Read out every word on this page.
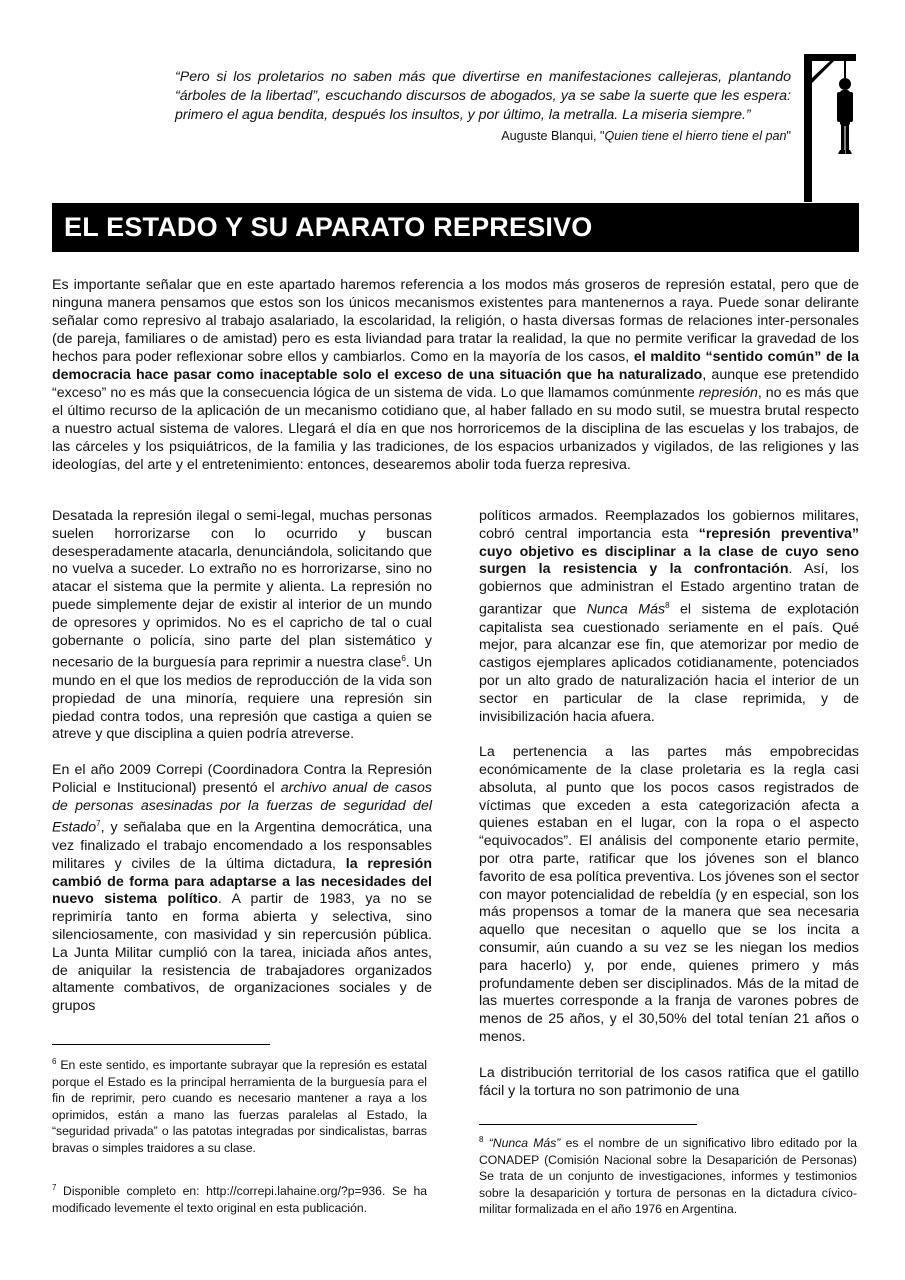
“Pero si los proletarios no saben más que divertirse en manifestaciones callejeras, plantando “árboles de la libertad”, escuchando discursos de abogados, ya se sabe la suerte que les espera: primero el agua bendita, después los insultos, y por último, la metralla. La miseria siempre.”

Auguste Blanqui, "Quien tiene el hierro tiene el pan"
EL ESTADO Y SU APARATO REPRESIVO

Es importante señalar que en este apartado haremos referencia a los modos más groseros de represión estatal, pero que de ninguna manera pensamos que estos son los únicos mecanismos existentes para mantenernos a raya. Puede sonar delirante señalar como represivo al trabajo asalariado, la escolaridad, la religión, o hasta diversas formas de relaciones inter-personales (de pareja, familiares o de amistad) pero es esta liviandad para tratar la realidad, la que no permite verificar la gravedad de los hechos para poder reflexionar sobre ellos y cambiarlos. Como en la mayoría de los casos, el maldito “sentido común” de la democracia hace pasar como inaceptable solo el exceso de una situación que ha naturalizado, aunque ese pretendido “exceso” no es más que la consecuencia lógica de un sistema de vida. Lo que llamamos comúnmente represión, no es más que el último recurso de la aplicación de un mecanismo cotidiano que, al haber fallado en su modo sutil, se muestra brutal respecto a nuestro actual sistema de valores. Llegará el día en que nos horroricemos de la disciplina de las escuelas y los trabajos, de las cárceles y los psiquiátricos, de la familia y las tradiciones, de los espacios urbanizados y vigilados, de las religiones y las ideologías, del arte y el entretenimiento: entonces, desearemos abolir toda fuerza represiva.

Desatada la represión ilegal o semi-legal, muchas personas suelen horrorizarse con lo ocurrido y buscan desesperadamente atacarla, denunciándola, solicitando que no vuelva a suceder. Lo extraño no es horrorizarse, sino no atacar el sistema que la permite y alienta. La represión no puede simplemente dejar de existir al interior de un mundo de opresores y oprimidos. No es el capricho de tal o cual gobernante o policía, sino parte del plan sistemático y necesario de la burguesía para reprimir a nuestra clase$^6$. Un mundo en el que los medios de reproducción de la vida son propiedad de una minoría, requiere una represión sin piedad contra todos, una represión que castiga a quien se atreve y que disciplina a quien podría atreverse.

En el año 2009 Correpi (Coordinadora Contra la Represión Policial e Institucional) presentó el archivo anual de casos de personas asesinadas por la fuerzas de seguridad del Estado$^7$, y señalaba que en la Argentina democrática, una vez finalizado el trabajo encomendado a los responsables militares y civiles de la última dictadura, la represión cambió de forma para adaptarse a las necesidades del nuevo sistema político. A partir de 1983, ya no se reprimiría tanto en forma abierta y selectiva, sino silenciosamente, con masividad y sin repercusión pública. La Junta Militar cumplió con la tarea, iniciada años antes, de aniquilar la resistencia de trabajadores organizados altamente combativos, de organizaciones sociales y de grupos

políticos armados. Reemplazados los gobiernos militares, cobró central importancia esta “represión preventiva” cuyo objetivo es disciplinar a la clase de cuyo seno surgen la resistencia y la confrontación. Así, los gobiernos que administran el Estado argentino tratan de garantizar que Nunca Más$^8$ el sistema de explotación capitalista sea cuestionado seriamente en el país. Qué mejor, para alcanzar ese fin, que atemorizar por medio de castigos ejemplares aplicados cotidianamente, potenciados por un alto grado de naturalización hacia el interior de un sector en particular de la clase reprimida, y de invisibilización hacia afuera.

La pertenencia a las partes más empobrecidas económicamente de la clase proletaria es la regla casi absoluta, al punto que los pocos casos registrados de víctimas que exceden a esta categorización afecta a quienes estaban en el lugar, con la ropa o el aspecto “equivocados”. El análisis del componente etario permite, por otra parte, ratificar que los jóvenes son el blanco favorito de esa política preventiva. Los jóvenes son el sector con mayor potencialidad de rebeldía (y en especial, son los más propensos a tomar de la manera que sea necesaria aquello que necesitan o aquello que se los incita a consumir, aún cuando a su vez se les niegan los medios para hacerlo) y, por ende, quienes primero y más profundamente deben ser disciplinados. Más de la mitad de las muertes corresponde a la franja de varones pobres de menos de 25 años, y el 30,50% del total tenían 21 años o menos.

La distribución territorial de los casos ratifica que el gatillo fácil y la tortura no son patrimonio de una

$^6$ En este sentido, es importante subrayar que la represión es estatal porque el Estado es la principal herramienta de la burguesía para el fin de reprimir, pero cuando es necesario mantener a raya a los oprimidos, están a mano las fuerzas paralelas al Estado, la “seguridad privada” o las patotas integradas por sindicalistas, barras bravas o simples traidores a su clase.

$^7$ Disponible completo en: http://correpi.lahaine.org/?p=936. Se ha modificado levemente el texto original en esta publicación.

$^8$ “Nunca Más” es el nombre de un significativo libro editado por la CONADEP (Comisión Nacional sobre la Desaparición de Personas) Se trata de un conjunto de investigaciones, informes y testimonios sobre la desaparición y tortura de personas en la dictadura cívico-militar formalizada en el año 1976 en Argentina.
